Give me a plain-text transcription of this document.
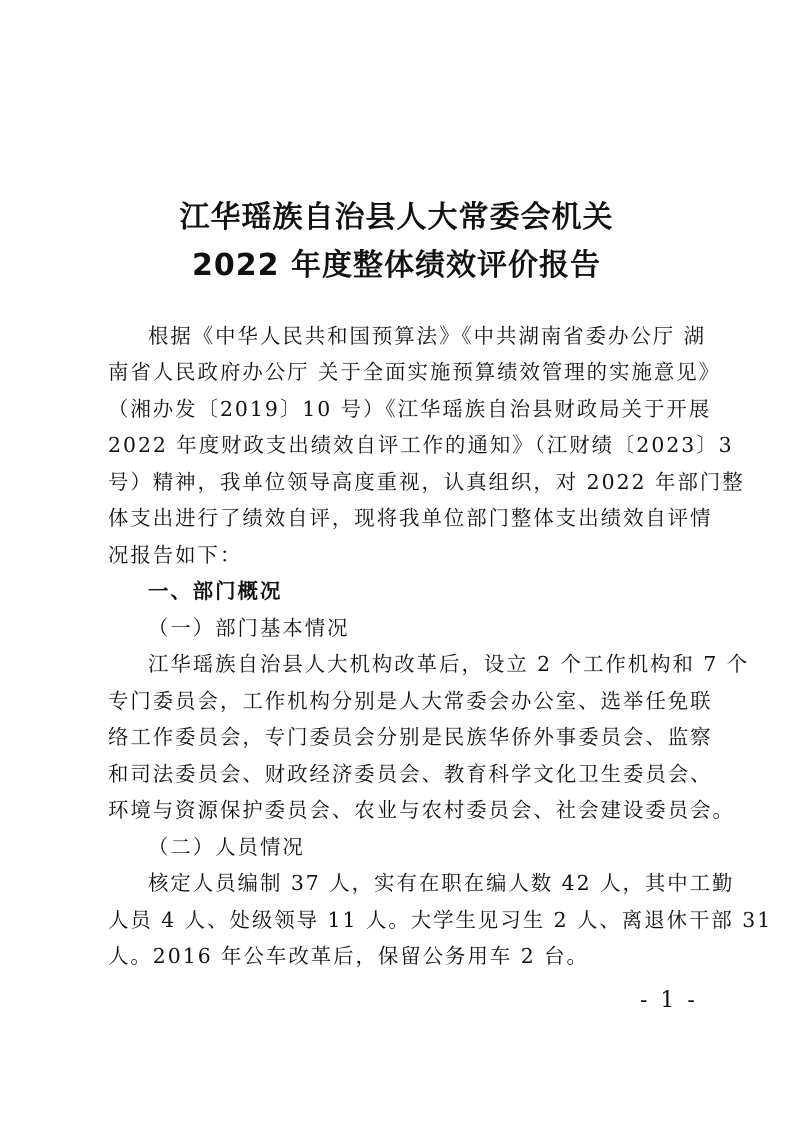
江华瑶族自治县人大常委会机关
2022 年度整体绩效评价报告
根据《中华人民共和国预算法》《中共湖南省委办公厅 湖
南省人民政府办公厅 关于全面实施预算绩效管理的实施意见》
（湘办发〔2019〕10 号）《江华瑶族自治县财政局关于开展
2022 年度财政支出绩效自评工作的通知》（江财绩〔2023〕3
号）精神，我单位领导高度重视，认真组织，对 2022 年部门整
体支出进行了绩效自评，现将我单位部门整体支出绩效自评情
况报告如下：
一、部门概况
（一）部门基本情况
江华瑶族自治县人大机构改革后，设立 2 个工作机构和 7 个
专门委员会，工作机构分别是人大常委会办公室、选举任免联
络工作委员会，专门委员会分别是民族华侨外事委员会、监察
和司法委员会、财政经济委员会、教育科学文化卫生委员会、
环境与资源保护委员会、农业与农村委员会、社会建设委员会。
（二）人员情况
核定人员编制 37 人，实有在职在编人数 42 人，其中工勤
人员 4 人、处级领导 11 人。大学生见习生 2 人、离退休干部 31
人。2016 年公车改革后，保留公务用车 2 台。
- 1 -
